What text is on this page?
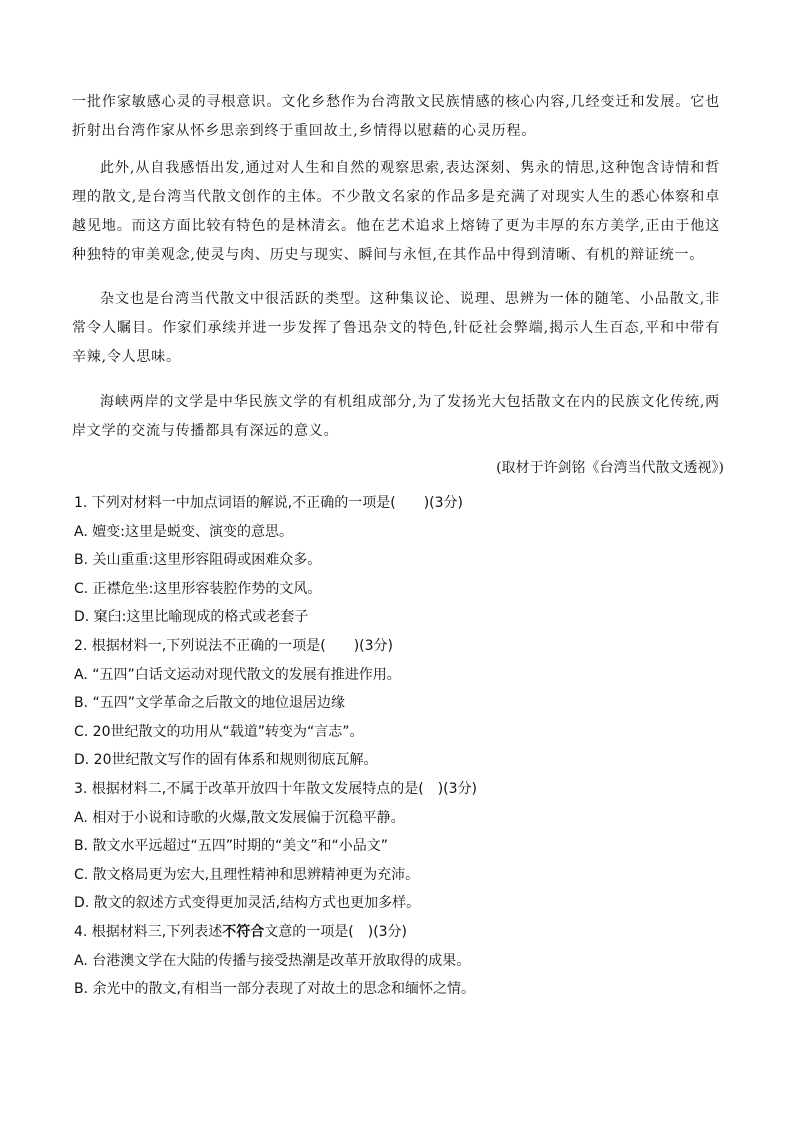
一批作家敏感心灵的寻根意识。文化乡愁作为台湾散文民族情感的核心内容,几经变迁和发展。它也折射出台湾作家从怀乡思亲到终于重回故土,乡情得以慰藉的心灵历程。

此外,从自我感悟出发,通过对人生和自然的观察思索,表达深刻、隽永的情思,这种饱含诗情和哲理的散文,是台湾当代散文创作的主体。不少散文名家的作品多是充满了对现实人生的悉心体察和卓越见地。而这方面比较有特色的是林清玄。他在艺术追求上熔铸了更为丰厚的东方美学,正由于他这种独特的审美观念,使灵与肉、历史与现实、瞬间与永恒,在其作品中得到清晰、有机的辩证统一。

杂文也是台湾当代散文中很活跃的类型。这种集议论、说理、思辨为一体的随笔、小品散文,非常令人瞩目。作家们承续并进一步发挥了鲁迅杂文的特色,针砭社会弊端,揭示人生百态,平和中带有辛辣,令人思味。

海峡两岸的文学是中华民族文学的有机组成部分,为了发扬光大包括散文在内的民族文化传统,两岸文学的交流与传播都具有深远的意义。

(取材于许剑铭《台湾当代散文透视》)

1. 下列对材料一中加点词语的解说,不正确的一项是(　　)(3分)

A. 嬗变:这里是蜕变、演变的意思。

B. 关山重重:这里形容阻碍或困难众多。

C. 正襟危坐:这里形容装腔作势的文风。

D. 窠臼:这里比喻现成的格式或老套子

2. 根据材料一,下列说法不正确的一项是(　　)(3分)

A. “五四”白话文运动对现代散文的发展有推进作用。

B. “五四”文学革命之后散文的地位退居边缘

C. 20世纪散文的功用从“载道”转变为“言志”。

D. 20世纪散文写作的固有体系和规则彻底瓦解。

3. 根据材料二,不属于改革开放四十年散文发展特点的是(　)(3分)

A. 相对于小说和诗歌的火爆,散文发展偏于沉稳平静。

B. 散文水平远超过“五四”时期的“美文”和“小品文”

C. 散文格局更为宏大,且理性精神和思辨精神更为充沛。

D. 散文的叙述方式变得更加灵活,结构方式也更加多样。

4. 根据材料三,下列表述不符合文意的一项是(　)(3分)

A. 台港澳文学在大陆的传播与接受热潮是改革开放取得的成果。

B. 余光中的散文,有相当一部分表现了对故土的思念和缅怀之情。
